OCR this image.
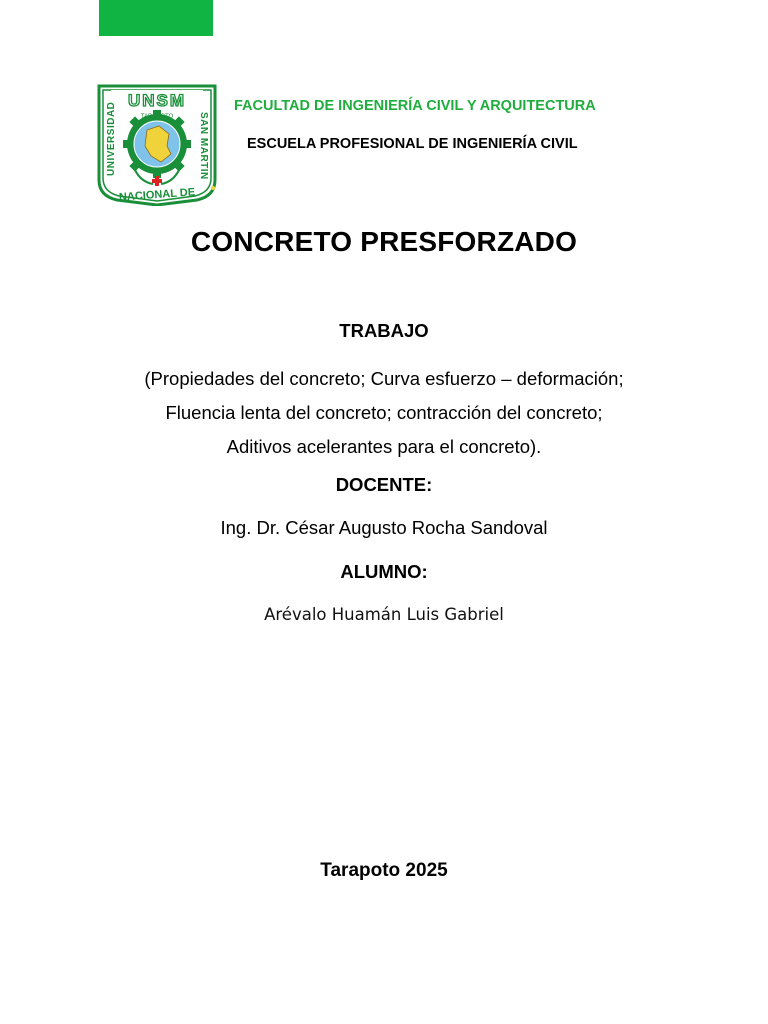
UNSM
UNIVERSIDAD	SAN MARTIN
NACIONAL DE
TARAPOTO
FACULTAD DE INGENIERÍA CIVIL Y ARQUITECTURA
ESCUELA PROFESIONAL DE INGENIERÍA CIVIL
CONCRETO PRESFORZADO
TRABAJO
(Propiedades del concreto; Curva esfuerzo – deformación;
Fluencia lenta del concreto; contracción del concreto;
Aditivos acelerantes para el concreto).
DOCENTE:
Ing. Dr. César Augusto Rocha Sandoval
ALUMNO:
Arévalo Huamán Luis Gabriel
Tarapoto 2025
